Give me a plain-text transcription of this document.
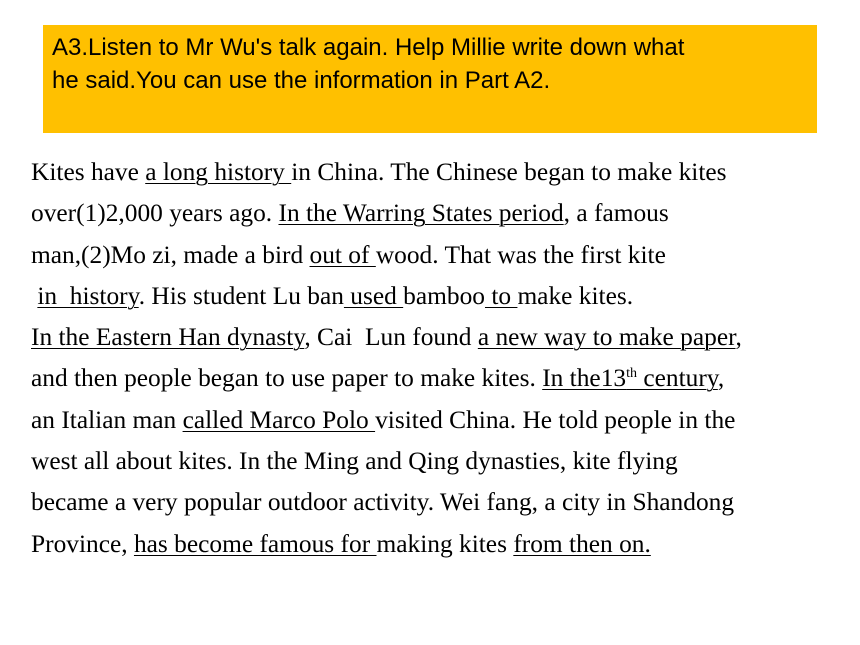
A3.Listen to Mr Wu's talk again. Help Millie write down what
he said.You can use the information in Part A2.
Kites have a long history in China. The Chinese began to make kites
over(1)2,000 years ago. In the Warring States period, a famous
man,(2)Mo zi, made a bird out of wood. That was the first kite
in  history. His student Lu ban used bamboo to make kites.
In the Eastern Han dynasty, Cai  Lun found a new way to make paper,
and then people began to use paper to make kites. In the13th century,
an Italian man called Marco Polo visited China. He told people in the
west all about kites. In the Ming and Qing dynasties, kite flying
became a very popular outdoor activity. Wei fang, a city in Shandong
Province, has become famous for making kites from then on.
